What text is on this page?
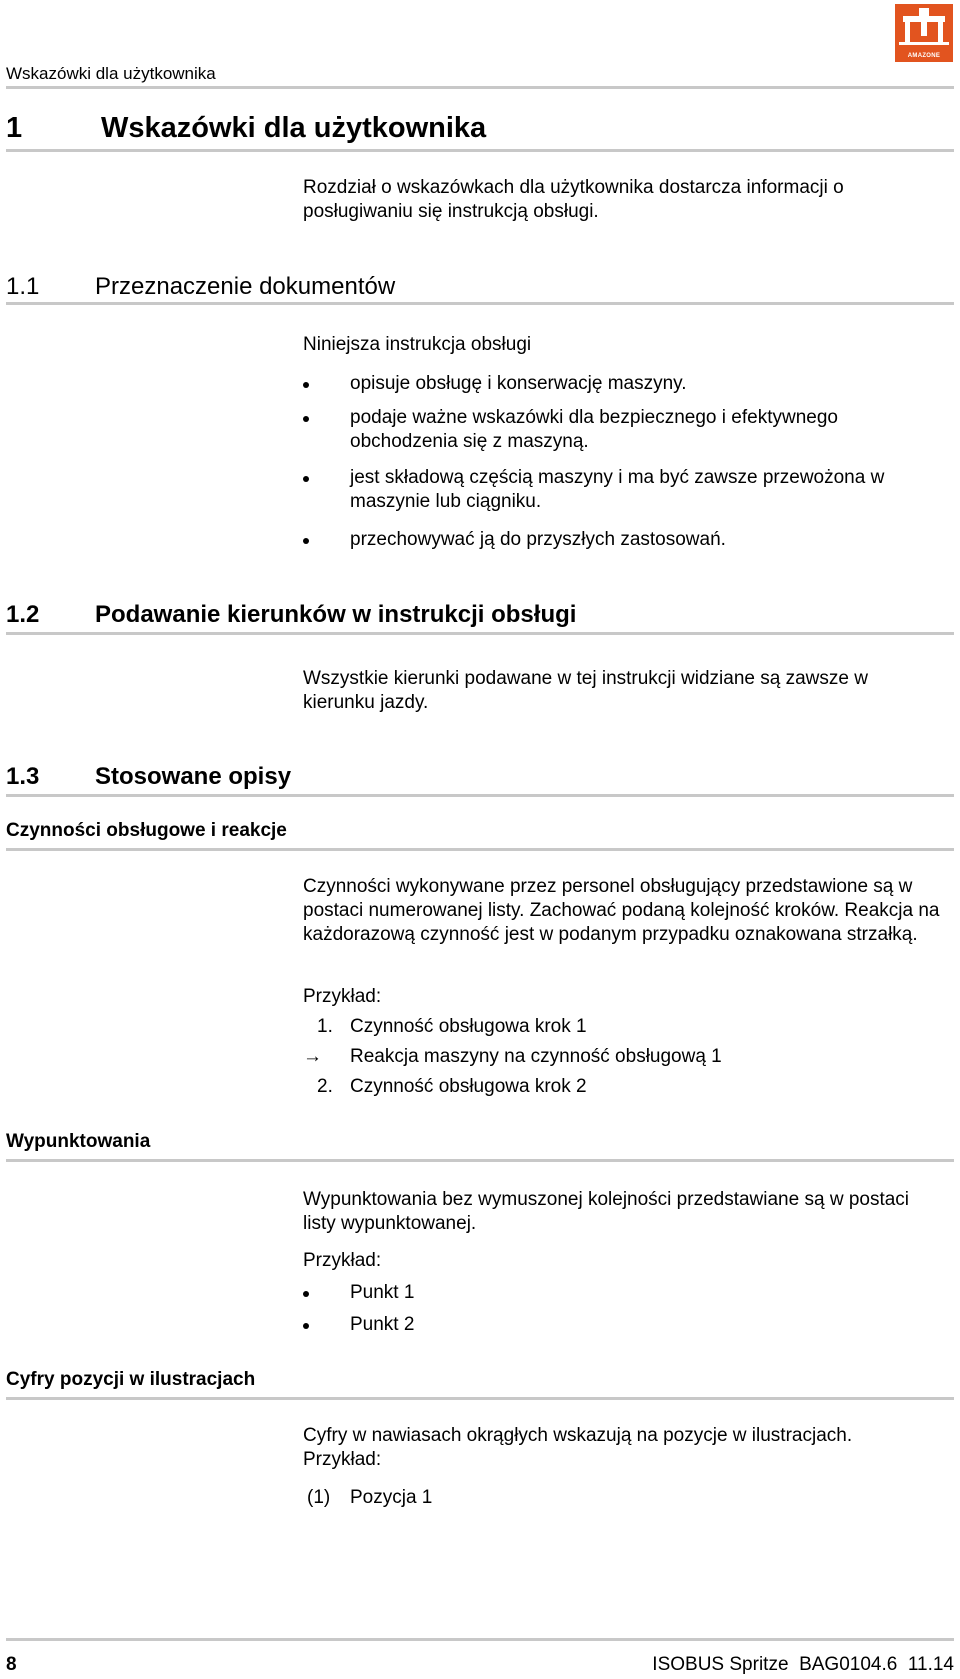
Wskazówki dla użytkownika
AMAZONE
1	Wskazówki dla użytkownika
Rozdział o wskazówkach dla użytkownika dostarcza informacji o posługiwaniu się instrukcją obsługi.
1.1 Przeznaczenie dokumentów
Niniejsza instrukcja obsługi
opisuje obsługę i konserwację maszyny.
podaje ważne wskazówki dla bezpiecznego i efektywnego obchodzenia się z maszyną.
jest składową częścią maszyny i ma być zawsze przewożona w maszynie lub ciągniku.
przechowywać ją do przyszłych zastosowań.
1.2 Podawanie kierunków w instrukcji obsługi
Wszystkie kierunki podawane w tej instrukcji widziane są zawsze w kierunku jazdy.
1.3 Stosowane opisy
Czynności obsługowe i reakcje
Czynności wykonywane przez personel obsługujący przedstawione są w postaci numerowanej listy. Zachować podaną kolejność kroków. Reakcja na każdorazową czynność jest w podanym przypadku oznakowana strzałką.
Przykład:
1. Czynność obsługowa krok 1
→	Reakcja maszyny na czynność obsługową 1
2. Czynność obsługowa krok 2
Wypunktowania
Wypunktowania bez wymuszonej kolejności przedstawiane są w postaci listy wypunktowanej.
Przykład:
Punkt 1
Punkt 2
Cyfry pozycji w ilustracjach
Cyfry w nawiasach okrągłych wskazują na pozycje w ilustracjach.
Przykład:
(1)	Pozycja 1
8	ISOBUS Spritze  BAG0104.6  11.14
